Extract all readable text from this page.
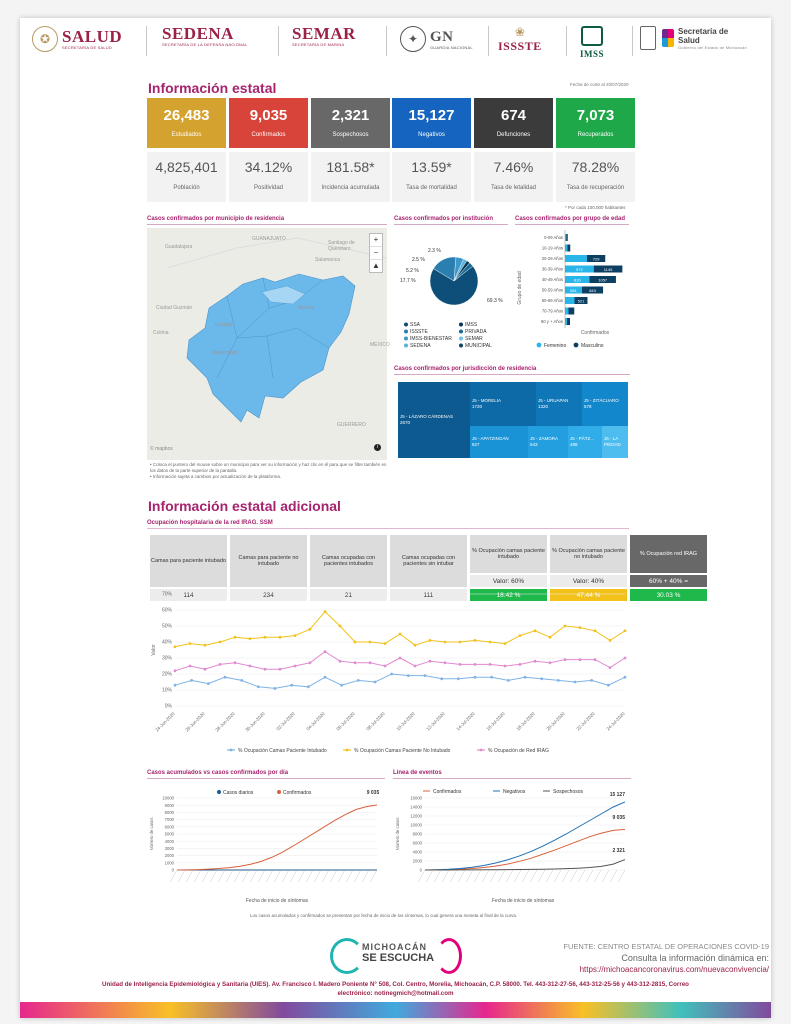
✪ SALUD
SECRETARÍA DE SALUD
SEDENA
SECRETARÍA DE LA DEFENSA NACIONAL
SEMAR
SECRETARÍA DE MARINA	✦ GN
GUARDIA NACIONAL
❀
ISSSTE
IMSS
Secretaría de Salud
Gobierno del Estado de Michoacán
Información estatal	Fecha de corte al 20/07/2020
26,483
Estudiados
9,035
Confirmados
2,321
Sospechosos
15,127
Negativos
674
Defunciones
7,073
Recuperados
4,825,401
Población
34.12%
Positividad
181.58*
Incidencia acumulada
13.59*
Tasa de mortalidad
7.46%
Tasa de letalidad
78.28%
Tasa de recuperación
* Por cada 100,000 habitantes
Casos confirmados por municipio de residencia
GUANAJUATO
Santiago de Querétaro
Guadalajara
Morelia
Colima
MÉXICO
GUERRERO
Salamanca
Ciudad Guzmán
Uruapan
Apatzingán
+
−
▲
© mapbox	i
• Coloca el puntero del mouse sobre un municipio para ver su información y haz clic en él para que se filtre también en los datos de la parte superior de la pantalla.
• Información sujeta a cambios por actualización de la plataforma.
Casos confirmados por institución
2.3 %
2.5 %
5.2 %
17.7 %
69.3 %
SSA
ISSSTE
IMSS-BIENESTAR
SEDENA
IMSS
PRIVADA
SEMAR
MUNICIPAL
Casos confirmados por grupo de edad
Grupo de edad
0-09 Años
10-19 Años
20-29 Años	729
30-39 Años	972	1145
40-49 Años	816	1057
50-59 Años 581	843
60-69 Años	521
70-79 Años
80 y + Años
Confirmados
Femenino	Masculino
Casos confirmados por jurisdicción de residencia
J5 - LÁZARO CÁRDENAS
2670
J5 - MORELIA
1720
J5 - URUAPAN
1320
J5 - ZITÁCUARO
578
J5 - APATZINGÁN
827
J5 - ZAMORA
543
J5 - PÁTZ...
488
J5 - LA PIEDAD
Información estatal adicional
Ocupación hospitalaria de la red IRAG. SSM
Camas para paciente intubado	Camas para paciente no intubado	Camas ocupadas con pacientes intubados	Camas ocupadas con pacientes sin intubar	% Ocupación camas paciente intubado	% Ocupación camas paciente no intubado	% Ocupación red IRAG
				Valor: 60%	Valor: 40%	60% + 40% =
114	234	21	111	18.42 %	47.44 %	30.03 %
0%
10%
20%
30%
40%
50%
60%
70%
Valor
24-Jun-2020 26-Jun-2020 28-Jun-2020 30-Jun-2020 02-Jul-2020 04-Jul-2020 06-Jul-2020 08-Jul-2020 10-Jul-2020 12-Jul-2020 14-Jul-2020 16-Jul-2020 18-Jul-2020 20-Jul-2020 22-Jul-2020 24-Jul-2020
% Ocupación Camas Paciente Intubado	% Ocupación Camas Paciente No Intubado	% Ocupación de Red IRAG
Casos acumulados vs casos confirmados por día
Casos diarios	Confirmados
0
1000
2000
3000
4000
5000
6000
7000
8000
9000
10000
Número de casos
9 035
Fecha de inicio de síntomas
Línea de eventos
Confirmados	Negativos	Sospechosos
0
2000
4000
6000
8000
10000
12000
14000
16000
Número de casos
15 127
9 035
2 321
Fecha de inicio de síntomas
Los casos acumulados y confirmados se presentan por fecha de inicio de los síntomas, lo cual genera una meseta al final de la curva.
MICHOACÁN
SE ESCUCHA
FUENTE: CENTRO ESTATAL DE OPERACIONES COVID-19
Consulta la información dinámica en:
https://michoacancoronavirus.com/nuevaconvivencia/
Unidad de Inteligencia Epidemiológica y Sanitaria (UIES). Av. Francisco I. Madero Poniente N° 508, Col. Centro, Morelia, Michoacán, C.P. 58000. Tel. 443-312-27-56, 443-312-25-56 y 443-312-2815, Correo
electrónico: notinegmich@hotmail.com
